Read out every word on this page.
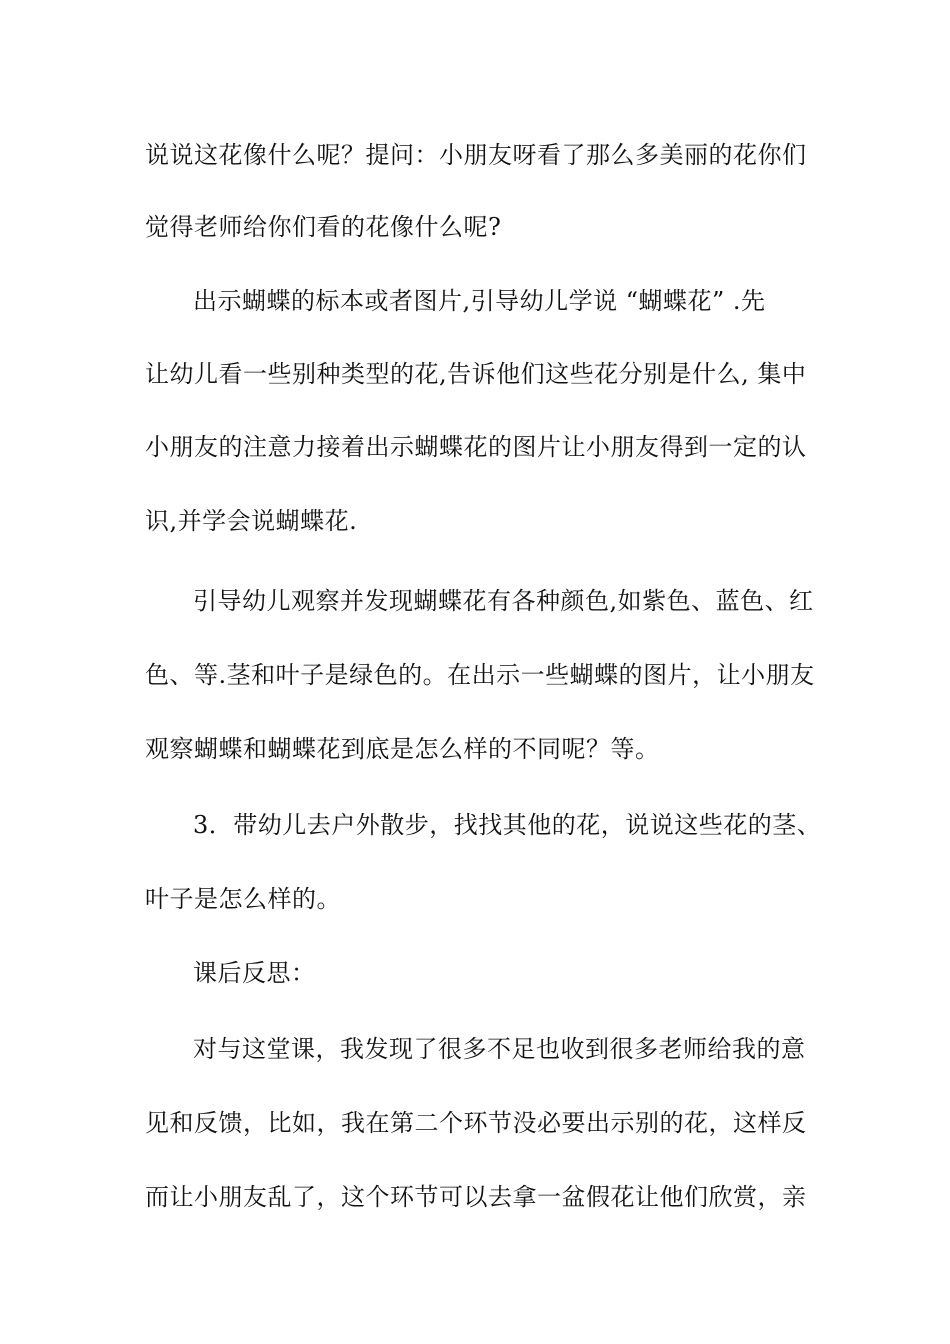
说说这花像什么呢？提问：小朋友呀看了那么多美丽的花你们
觉得老师给你们看的花像什么呢?
出示蝴蝶的标本或者图片,引导幼儿学说 “蝴蝶花” .先
让幼儿看一些别种类型的花,告诉他们这些花分别是什么, 集中
小朋友的注意力接着出示蝴蝶花的图片让小朋友得到一定的认
识,并学会说蝴蝶花.
引导幼儿观察并发现蝴蝶花有各种颜色,如紫色、蓝色、红
色、等.茎和叶子是绿色的。在出示一些蝴蝶的图片，让小朋友
观察蝴蝶和蝴蝶花到底是怎么样的不同呢？等。
3．带幼儿去户外散步，找找其他的花，说说这些花的茎、
叶子是怎么样的。
课后反思：
对与这堂课，我发现了很多不足也收到很多老师给我的意
见和反馈，比如，我在第二个环节没必要出示别的花，这样反
而让小朋友乱了，这个环节可以去拿一盆假花让他们欣赏，亲
